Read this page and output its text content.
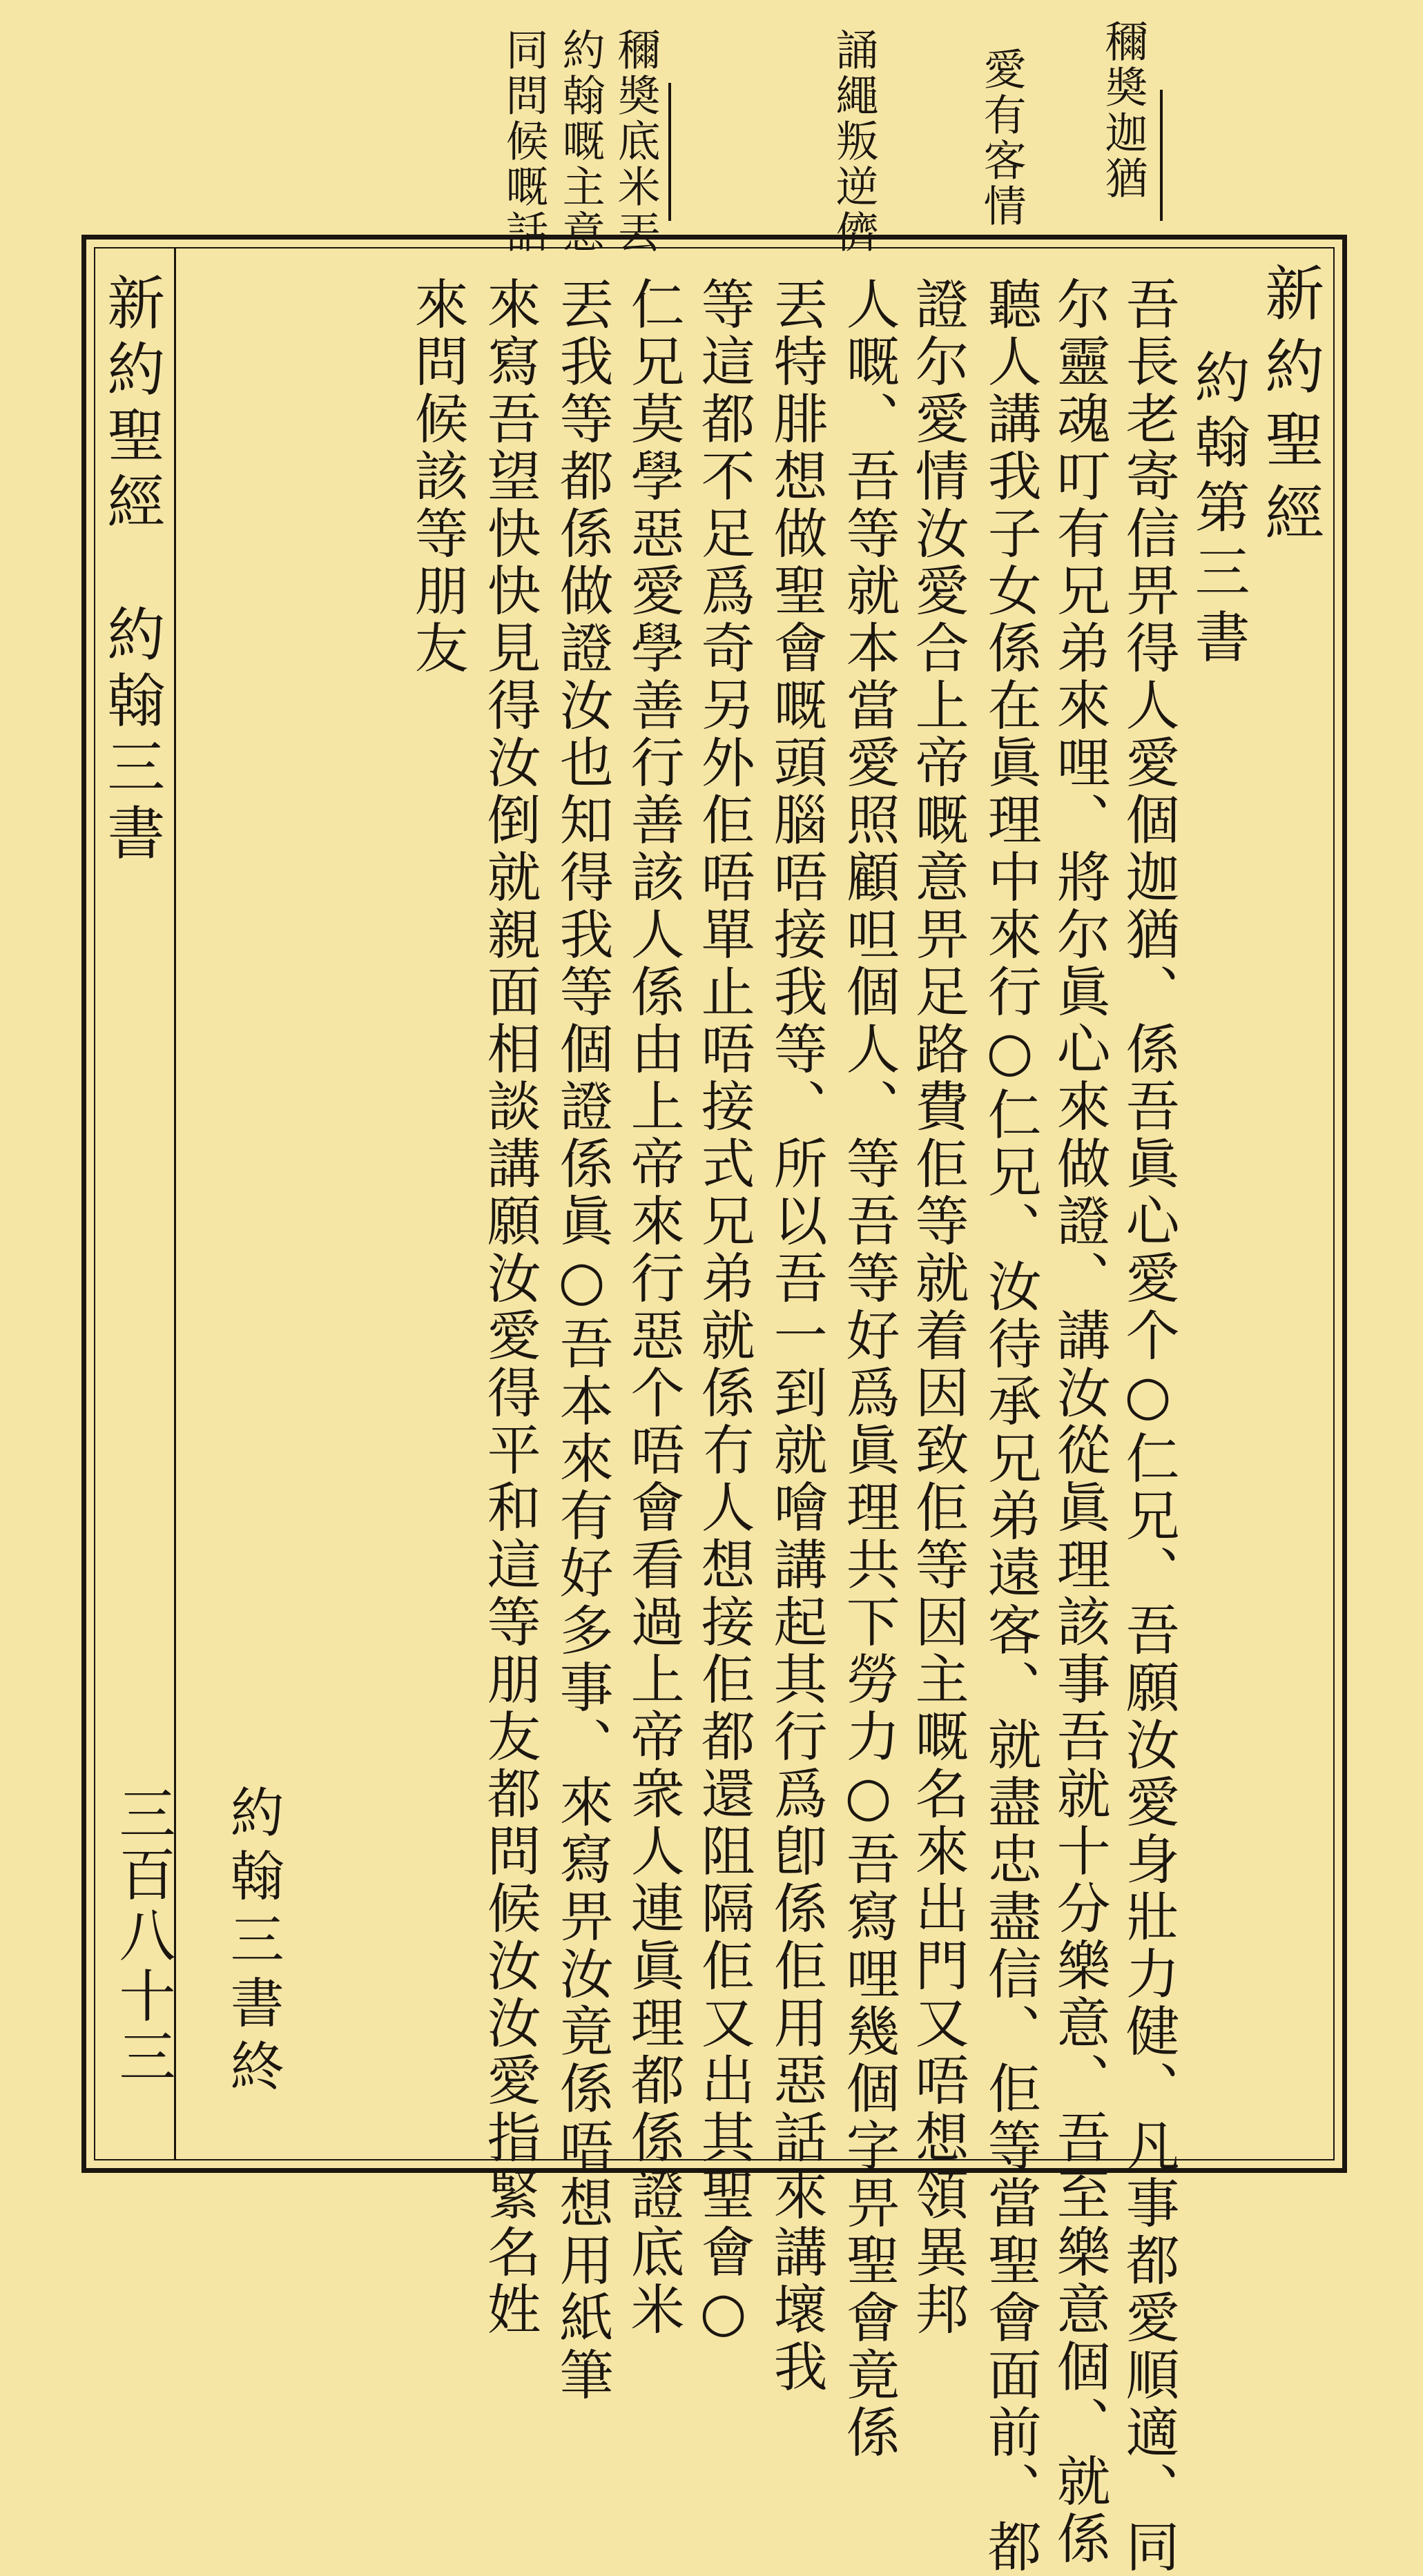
穪奬迦猶
愛有客情
誦繩叛逆儕
穪奬底米丟
約翰嘅主意
同問候嘅話
新約聖經
約翰第三書
吾長老寄信畀得人愛個迦猶、係吾眞心愛个○仁兄、吾願汝愛身壯力健、凡事都愛順適、同
尔靈魂叮有兄弟來哩、將尔眞心來做證、講汝從眞理該事吾就十分樂意、吾至樂意個、就係
聽人講我子女係在眞理中來行○仁兄、汝待承兄弟遠客、就盡忠盡信、佢等當聖會面前、都
證尔愛情汝愛合上帝嘅意畀足路費佢等就着因致佢等因主嘅名來出門又唔想領異邦
人嘅、吾等就本當愛照顧呾個人、等吾等好爲眞理共下勞力○吾寫哩幾個字畀聖會竟係
丟特腓想做聖會嘅頭腦唔接我等、所以吾一到就噲講起其行爲卽係佢用惡話來講壞我
等這都不足爲奇另外佢唔單止唔接式兄弟就係冇人想接佢都還阻隔佢又出其聖會○
仁兄莫學惡愛學善行善該人係由上帝來行惡个唔會看過上帝衆人連眞理都係證底米
丟我等都係做證汝也知得我等個證係眞○吾本來有好多事、來寫畀汝竟係唔想用紙筆
來寫吾望快快見得汝倒就親面相談講願汝愛得平和這等朋友都問候汝汝愛指緊名姓
來問候該等朋友
約翰三書終
新約聖經　約翰三書
三百八十三
